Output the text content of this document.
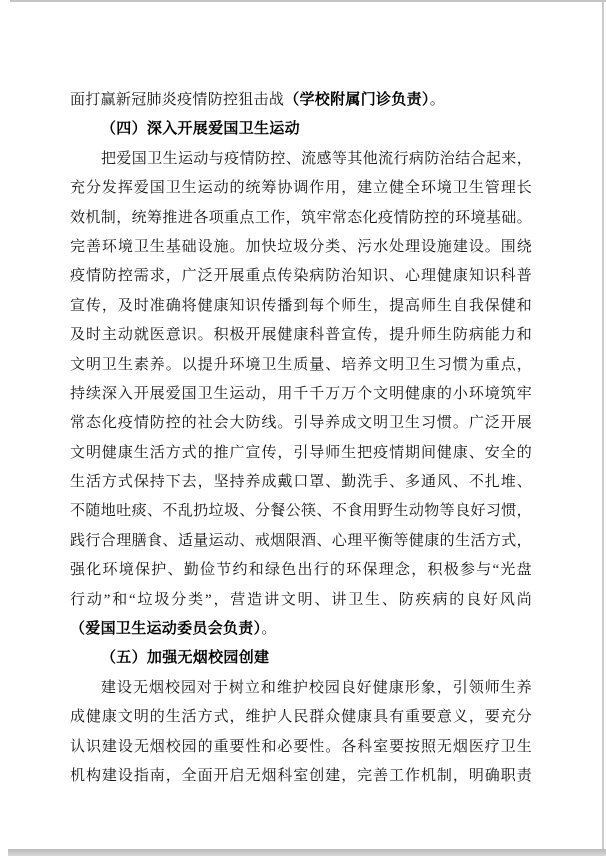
面打赢新冠肺炎疫情防控狙击战（学校附属门诊负责）。
（四）深入开展爱国卫生运动
把爱国卫生运动与疫情防控、流感等其他流行病防治结合起来，
充分发挥爱国卫生运动的统筹协调作用，建立健全环境卫生管理长
效机制，统筹推进各项重点工作，筑牢常态化疫情防控的环境基础。
完善环境卫生基础设施。加快垃圾分类、污水处理设施建设。围绕
疫情防控需求，广泛开展重点传染病防治知识、心理健康知识科普
宣传，及时准确将健康知识传播到每个师生，提高师生自我保健和
及时主动就医意识。积极开展健康科普宣传，提升师生防病能力和
文明卫生素养。以提升环境卫生质量、培养文明卫生习惯为重点，
持续深入开展爱国卫生运动，用千千万万个文明健康的小环境筑牢
常态化疫情防控的社会大防线。引导养成文明卫生习惯。广泛开展
文明健康生活方式的推广宣传，引导师生把疫情期间健康、安全的
生活方式保持下去，坚持养成戴口罩、勤洗手、多通风、不扎堆、
不随地吐痰、不乱扔垃圾、分餐公筷、不食用野生动物等良好习惯，
践行合理膳食、适量运动、戒烟限酒、心理平衡等健康的生活方式，
强化环境保护、勤俭节约和绿色出行的环保理念，积极参与“光盘
行动”和“垃圾分类”，营造讲文明、讲卫生、防疾病的良好风尚
（爱国卫生运动委员会负责）。
（五）加强无烟校园创建
建设无烟校园对于树立和维护校园良好健康形象，引领师生养
成健康文明的生活方式，维护人民群众健康具有重要意义，要充分
认识建设无烟校园的重要性和必要性。各科室要按照无烟医疗卫生
机构建设指南，全面开启无烟科室创建，完善工作机制，明确职责
